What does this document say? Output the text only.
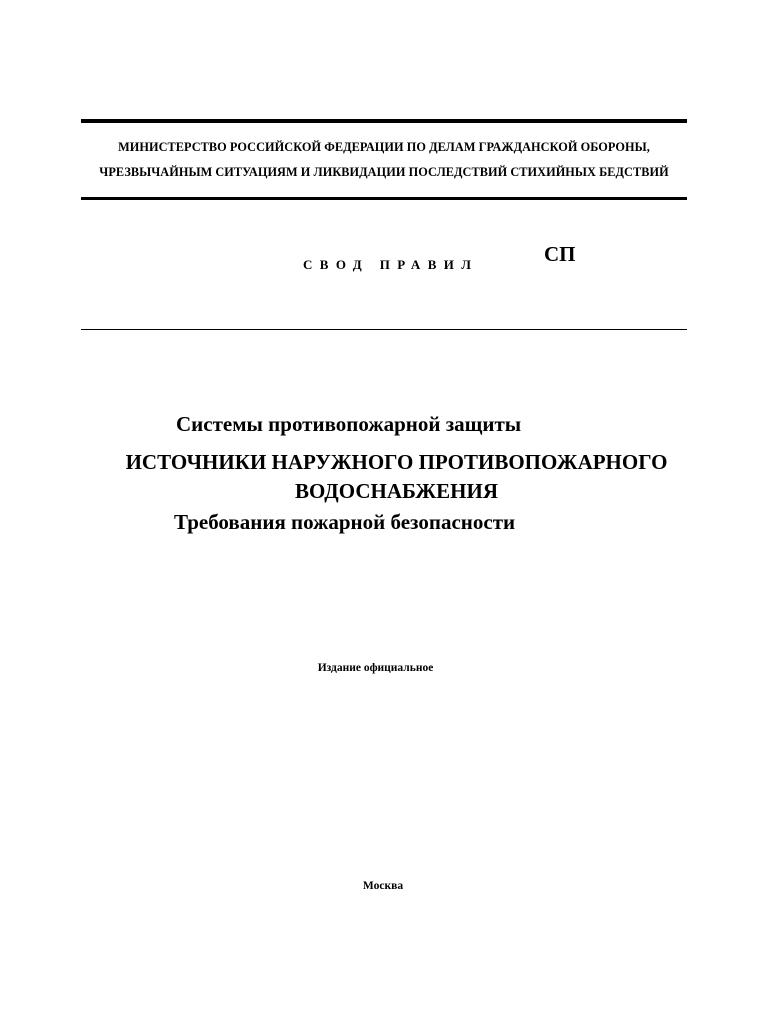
МИНИСТЕРСТВО РОССИЙСКОЙ ФЕДЕРАЦИИ ПО ДЕЛАМ ГРАЖДАНСКОЙ ОБОРОНЫ,
ЧРЕЗВЫЧАЙНЫМ СИТУАЦИЯМ И ЛИКВИДАЦИИ ПОСЛЕДСТВИЙ СТИХИЙНЫХ БЕДСТВИЙ
СВОД ПРАВИЛ	СП
Системы противопожарной защиты
ИСТОЧНИКИ НАРУЖНОГО ПРОТИВОПОЖАРНОГО
ВОДОСНАБЖЕНИЯ
Требования пожарной безопасности
Издание официальное
Москва
